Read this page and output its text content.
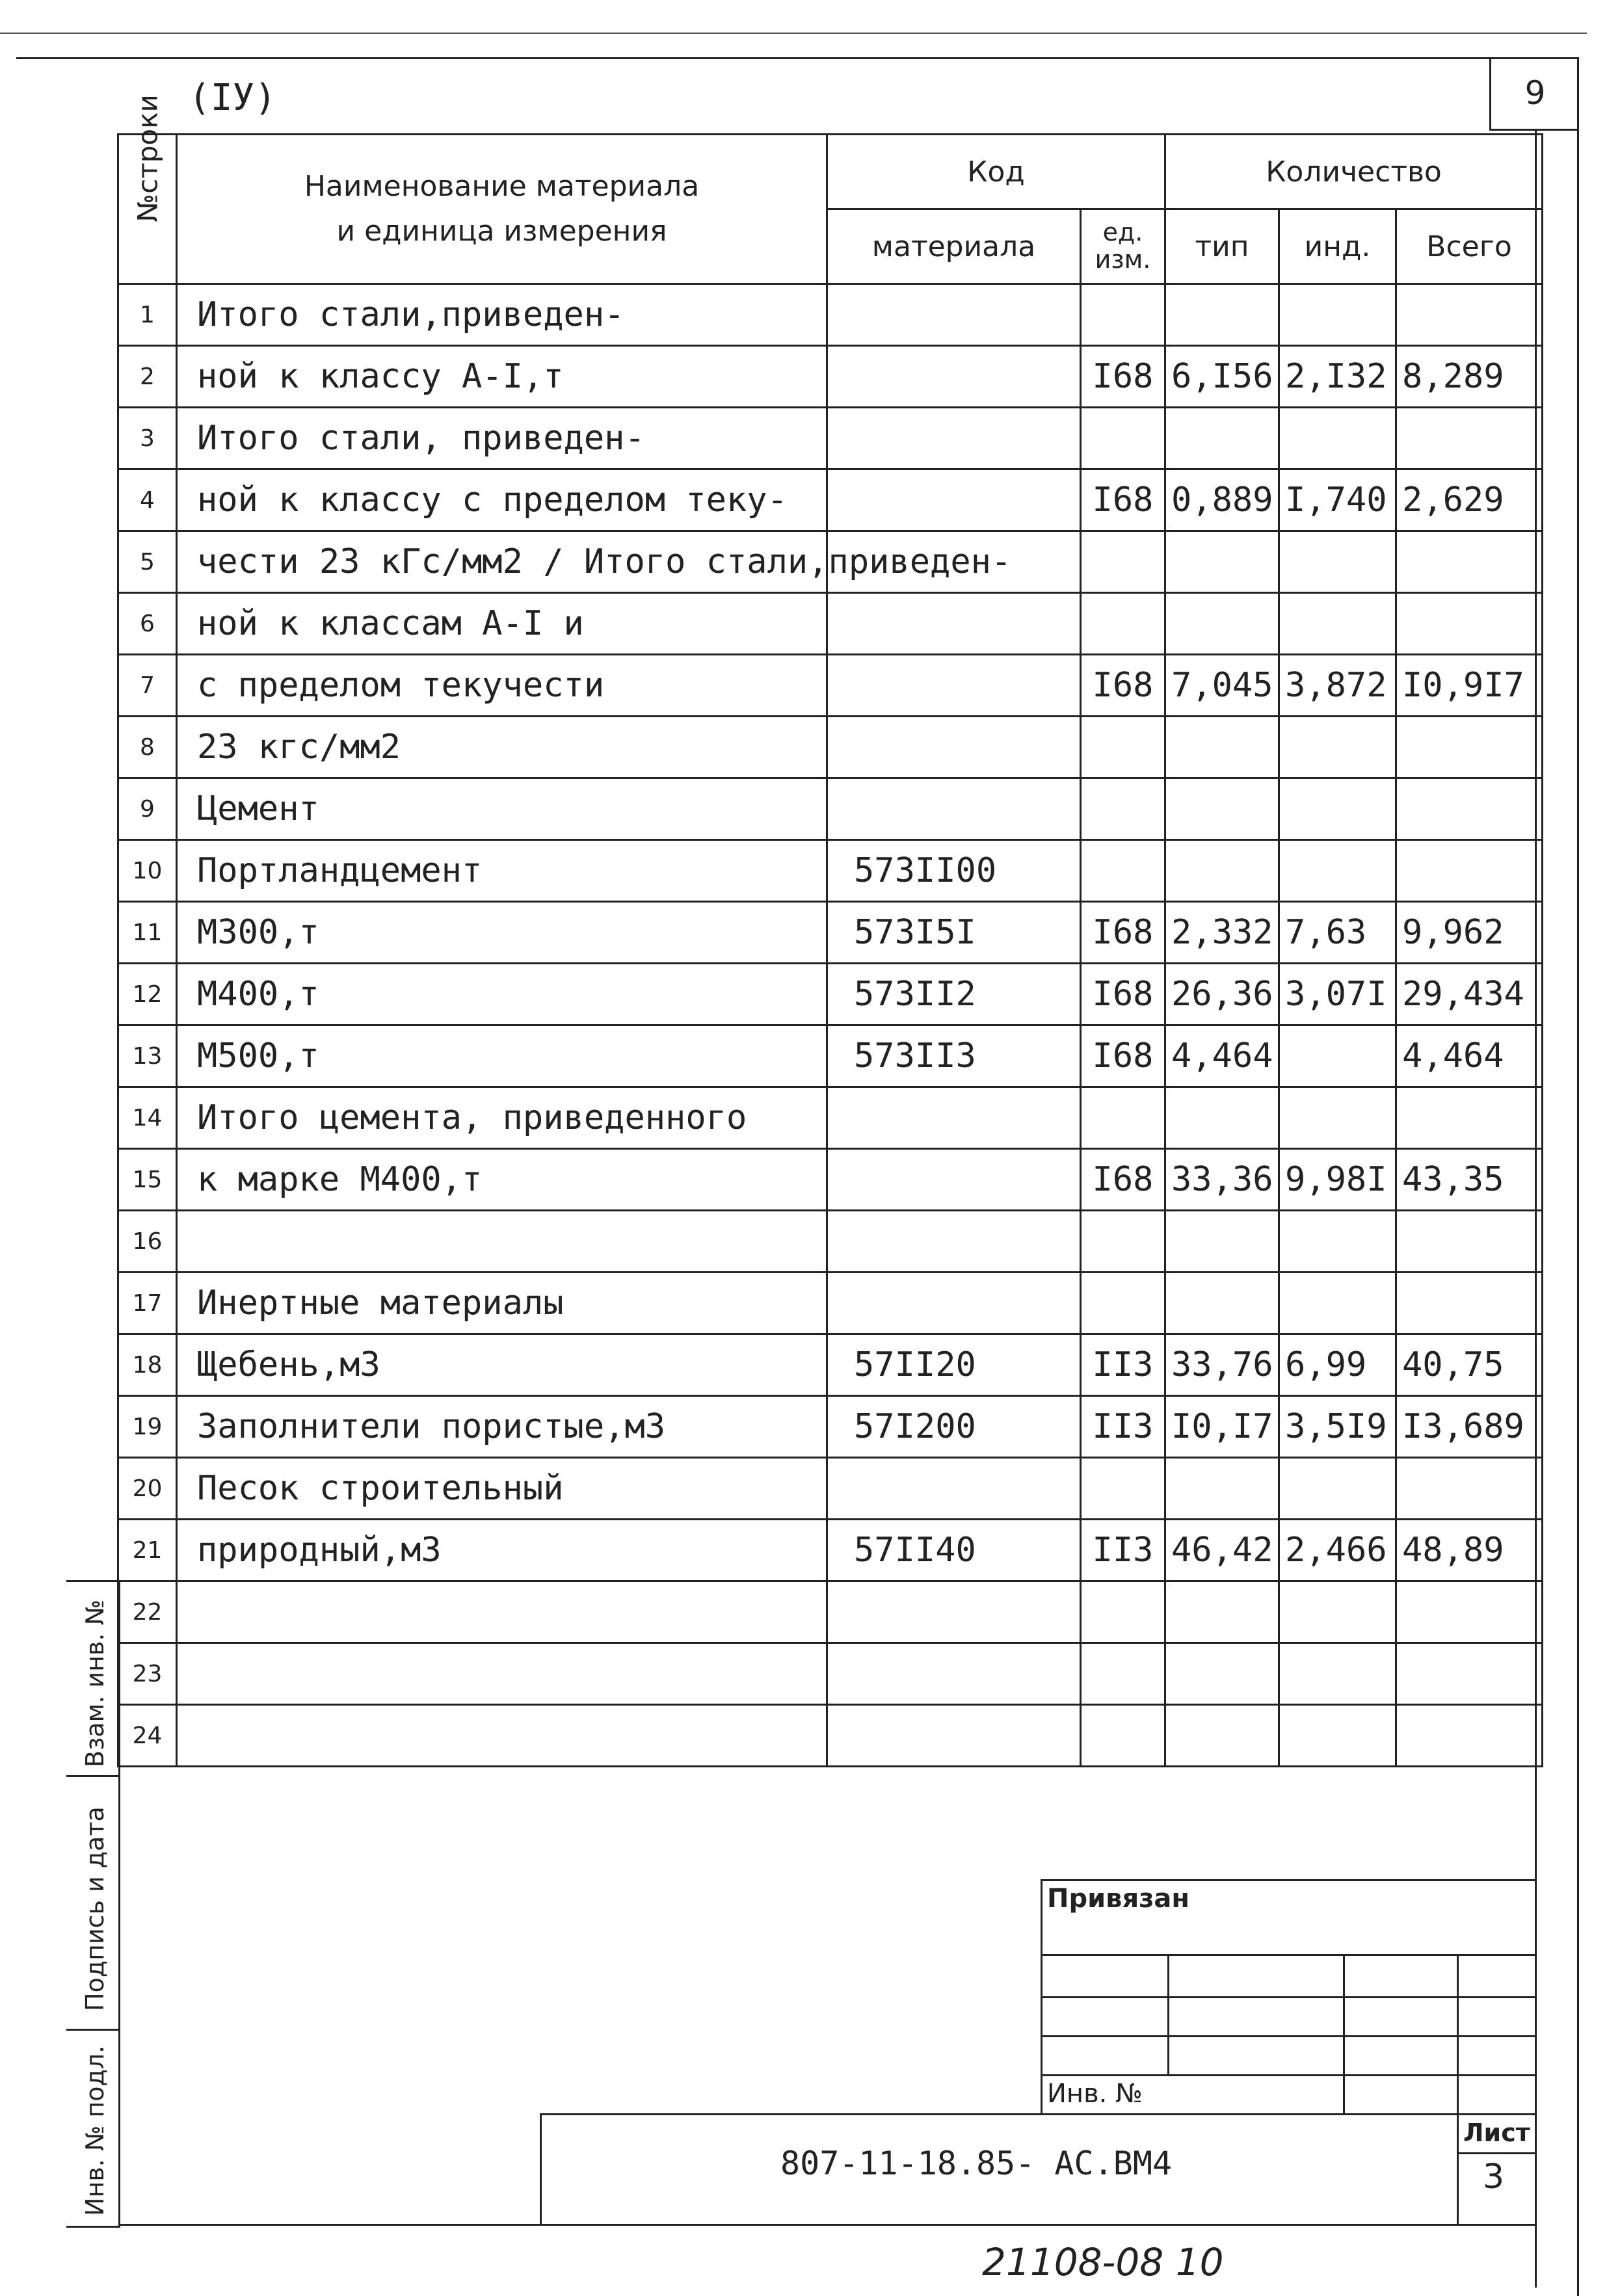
9
(IУ)
№строки	Наименование материала
и единица измерения	Код		Количество		
		материала	ед.
изм.	тип	инд.	Всего
1	Итого стали,приведен-					
2	ной к классу А-I,т		I68	6,I56	2,I32	8,289
3	Итого стали, приведен-					
4	ной к классу с пределом теку-		I68	0,889	I,740	2,629
5	чести 23 кГс/мм2 / Итого стали,приведен-					
6	ной к классам А-I и					
7	с пределом текучести		I68	7,045	3,872	I0,9I7
8	23 кгс/мм2					
9	Цемент					
10	Портландцемент	573II00				
11	М300,т	573I5I	I68	2,332	7,63	9,962
12	М400,т	573II2	I68	26,36	3,07I	29,434
13	М500,т	573II3	I68	4,464		4,464
14	Итого цемента, приведенного					
15	к марке М400,т		I68	33,36	9,98I	43,35
16						
17	Инертные материалы					
18	Щебень,м3	57II20	II3	33,76	6,99	40,75
19	Заполнители пористые,м3	57I200	II3	I0,I7	3,5I9	I3,689
20	Песок строительный					
21	природный,м3	57II40	II3	46,42	2,466	48,89
22						
23						
24						
Взам. инв. №
Подпись и дата
Инв. № подл.
Привязан
Инв. №
807-11-18.85- АС.ВМ4
Лист
3
21108-08 10
